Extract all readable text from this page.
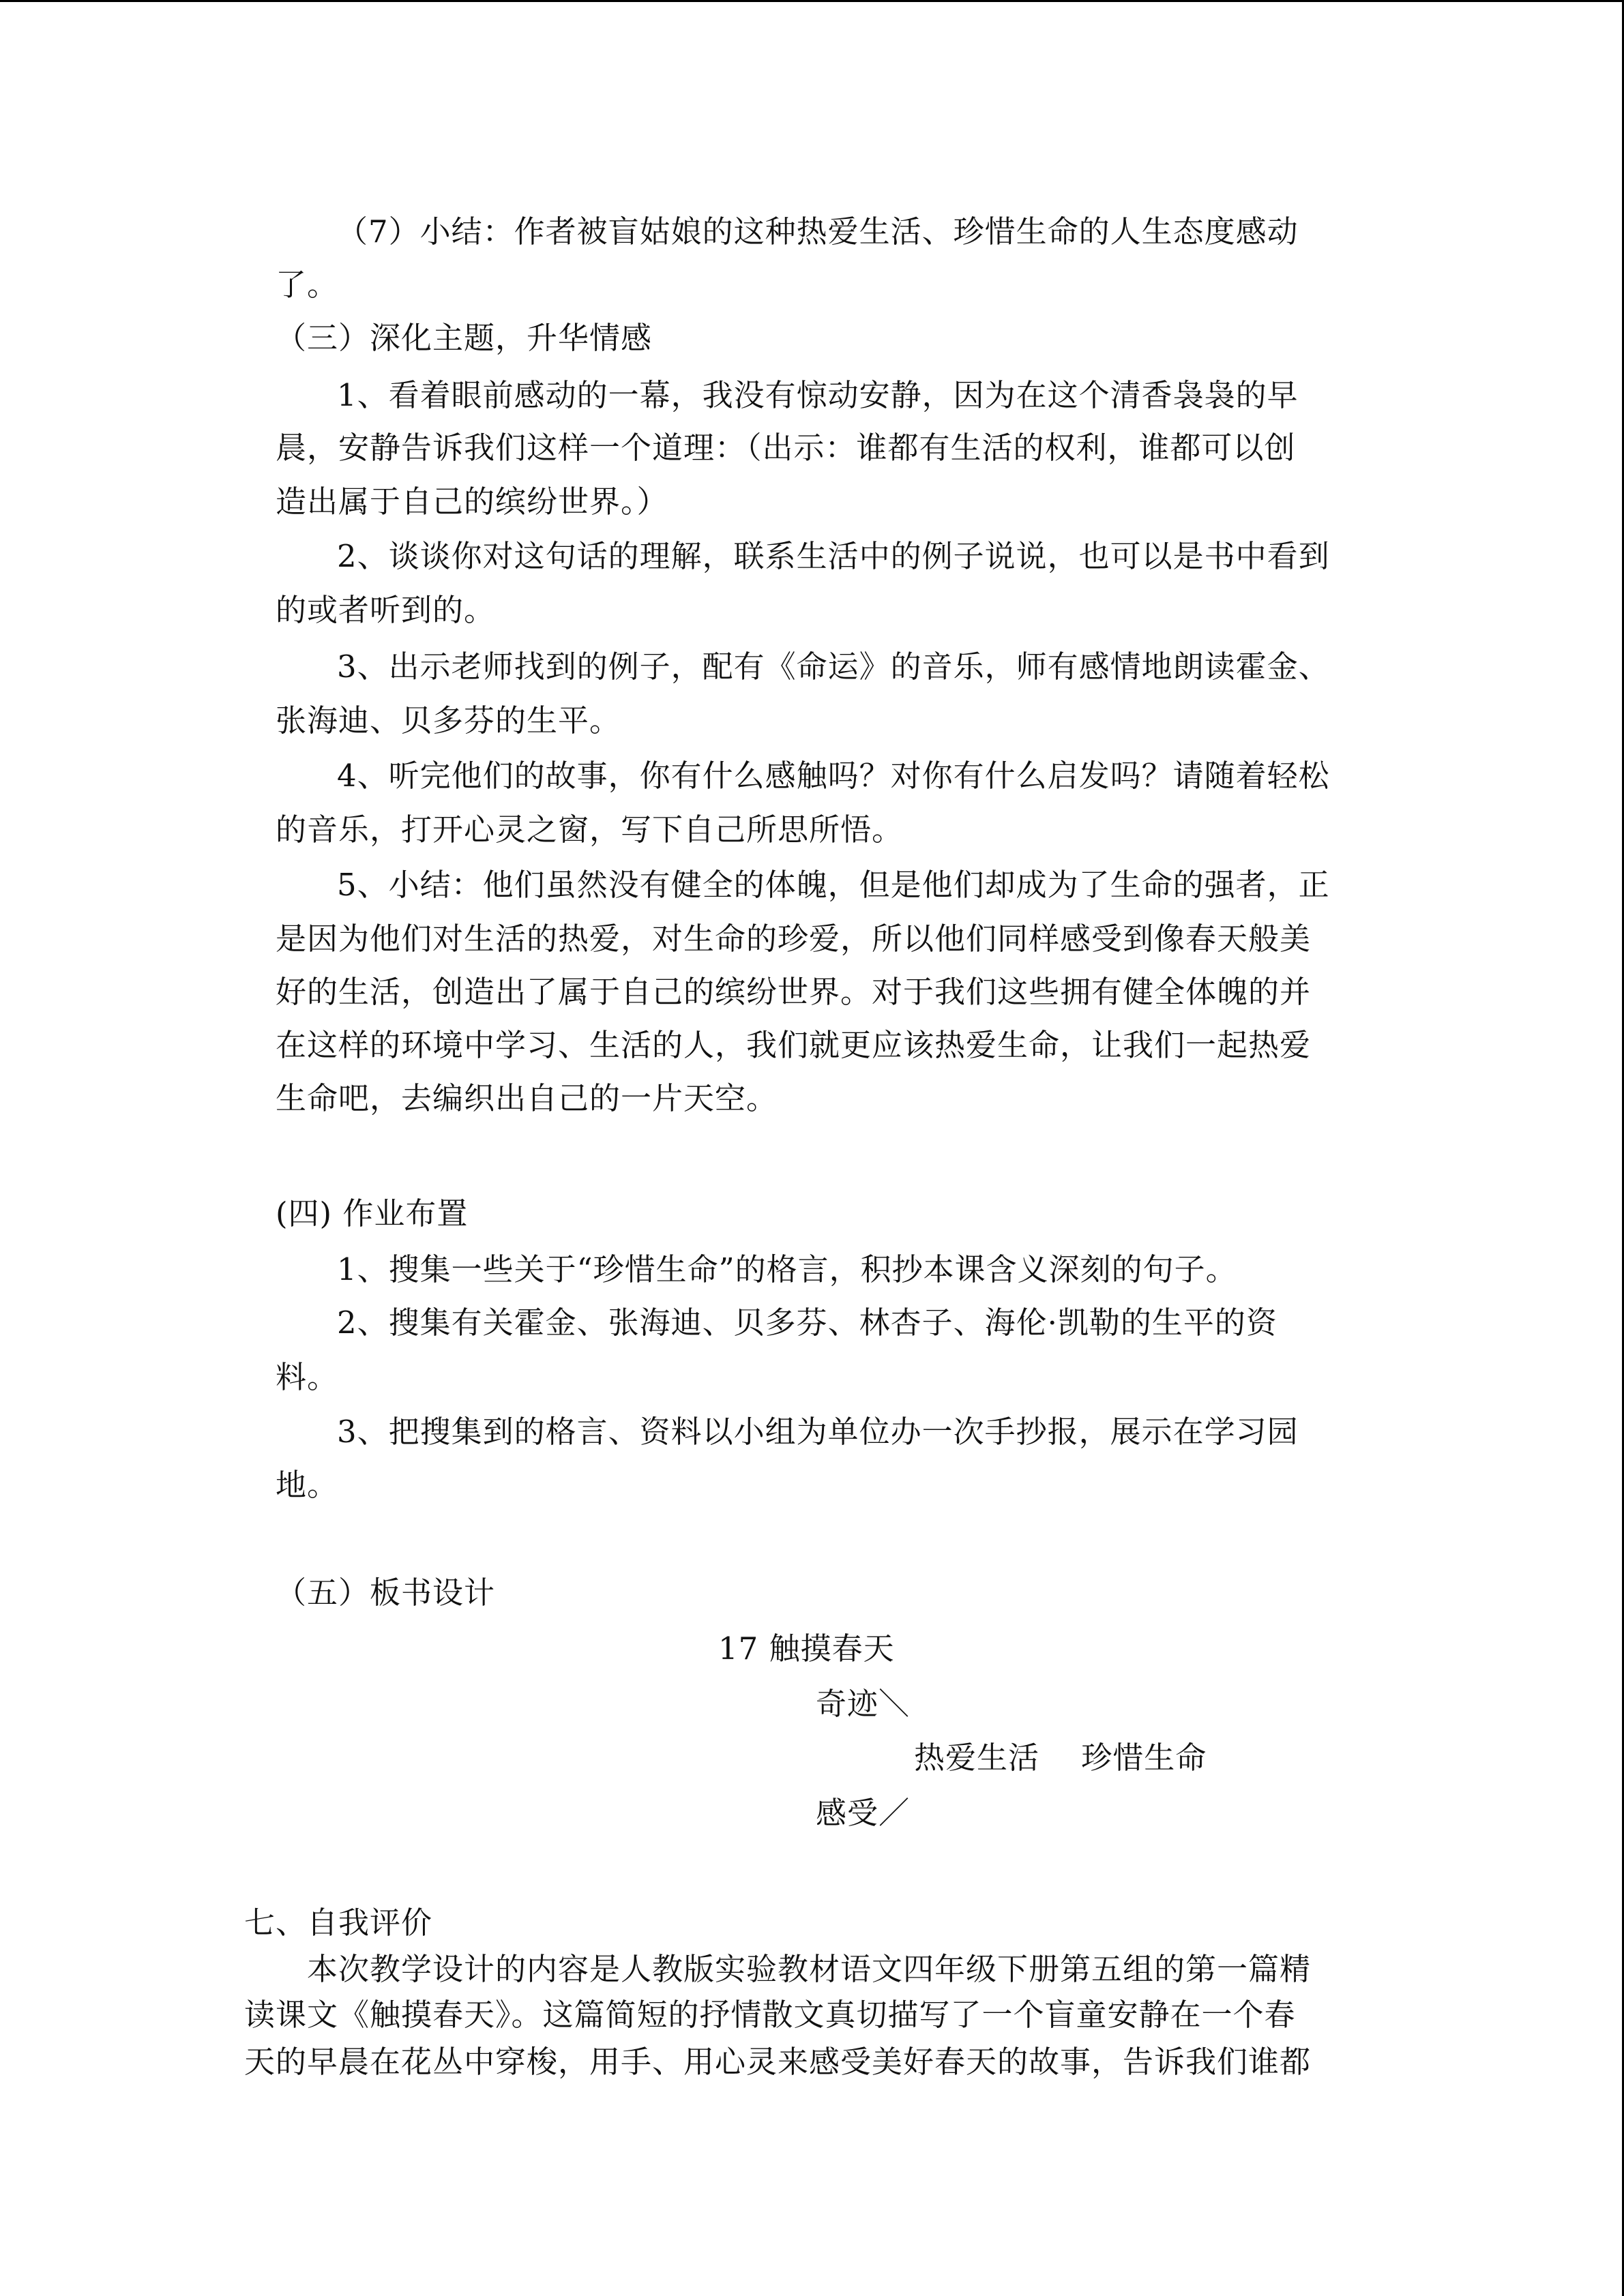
（7）小结：作者被盲姑娘的这种热爱生活、珍惜生命的人生态度感动
了。
（三）深化主题，升华情感
1、看着眼前感动的一幕，我没有惊动安静，因为在这个清香袅袅的早
晨，安静告诉我们这样一个道理：（出示：谁都有生活的权利，谁都可以创
造出属于自己的缤纷世界。）
2、谈谈你对这句话的理解，联系生活中的例子说说，也可以是书中看到
的或者听到的。
3、出示老师找到的例子，配有《命运》的音乐，师有感情地朗读霍金、
张海迪、贝多芬的生平。
4、听完他们的故事，你有什么感触吗？对你有什么启发吗？请随着轻松
的音乐，打开心灵之窗，写下自己所思所悟。
5、小结：他们虽然没有健全的体魄，但是他们却成为了生命的强者，正
是因为他们对生活的热爱，对生命的珍爱，所以他们同样感受到像春天般美
好的生活，创造出了属于自己的缤纷世界。对于我们这些拥有健全体魄的并
在这样的环境中学习、生活的人，我们就更应该热爱生命，让我们一起热爱
生命吧，去编织出自己的一片天空。
(四) 作业布置
1、搜集一些关于“珍惜生命”的格言，积抄本课含义深刻的句子。
2、搜集有关霍金、张海迪、贝多芬、林杏子、海伦·凯勒的生平的资
料。
3、把搜集到的格言、资料以小组为单位办一次手抄报，展示在学习园
地。
（五）板书设计
17 触摸春天
奇迹＼
热爱生活　 珍惜生命
感受／
七、自我评价
本次教学设计的内容是人教版实验教材语文四年级下册第五组的第一篇精
读课文《触摸春天》。这篇简短的抒情散文真切描写了一个盲童安静在一个春
天的早晨在花丛中穿梭，用手、用心灵来感受美好春天的故事，告诉我们谁都
